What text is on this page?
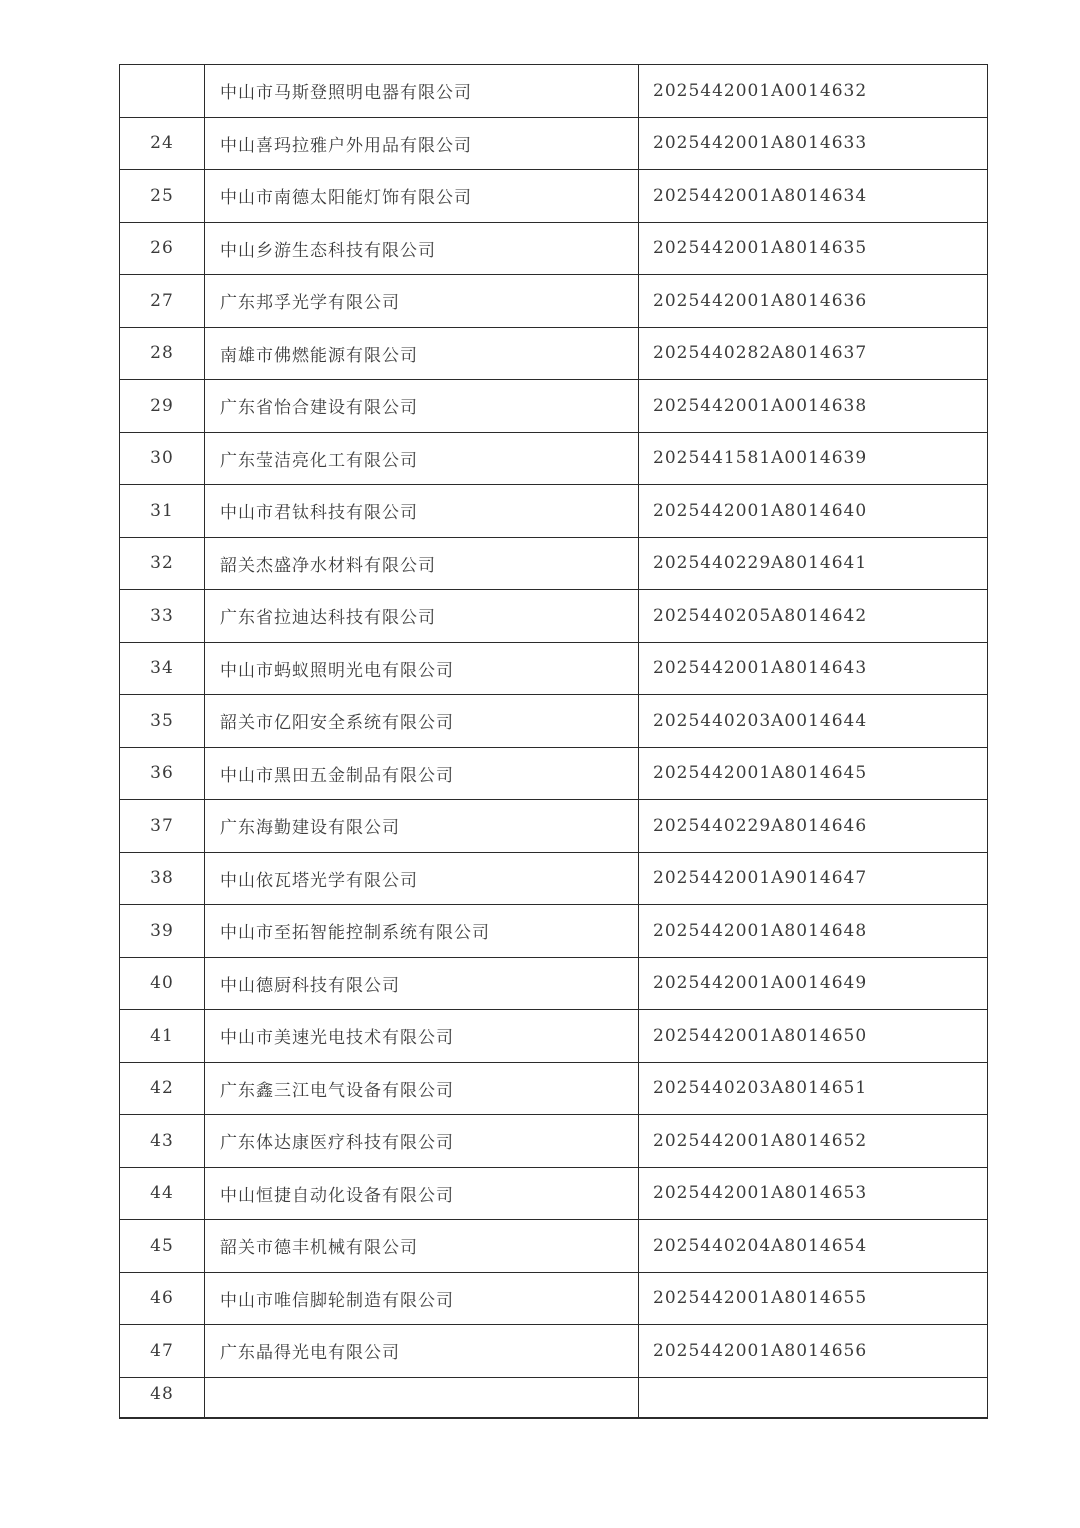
	中山市马斯登照明电器有限公司	2025442001A0014632
24	中山喜玛拉雅户外用品有限公司	2025442001A8014633
25	中山市南德太阳能灯饰有限公司	2025442001A8014634
26	中山乡游生态科技有限公司	2025442001A8014635
27	广东邦孚光学有限公司	2025442001A8014636
28	南雄市佛燃能源有限公司	2025440282A8014637
29	广东省怡合建设有限公司	2025442001A0014638
30	广东莹洁亮化工有限公司	2025441581A0014639
31	中山市君钛科技有限公司	2025442001A8014640
32	韶关杰盛净水材料有限公司	2025440229A8014641
33	广东省拉迪达科技有限公司	2025440205A8014642
34	中山市蚂蚁照明光电有限公司	2025442001A8014643
35	韶关市亿阳安全系统有限公司	2025440203A0014644
36	中山市黑田五金制品有限公司	2025442001A8014645
37	广东海勤建设有限公司	2025440229A8014646
38	中山依瓦塔光学有限公司	2025442001A9014647
39	中山市至拓智能控制系统有限公司	2025442001A8014648
40	中山德厨科技有限公司	2025442001A0014649
41	中山市美速光电技术有限公司	2025442001A8014650
42	广东鑫三江电气设备有限公司	2025440203A8014651
43	广东体达康医疗科技有限公司	2025442001A8014652
44	中山恒捷自动化设备有限公司	2025442001A8014653
45	韶关市德丰机械有限公司	2025440204A8014654
46	中山市唯信脚轮制造有限公司	2025442001A8014655
47	广东晶得光电有限公司	2025442001A8014656
48		
